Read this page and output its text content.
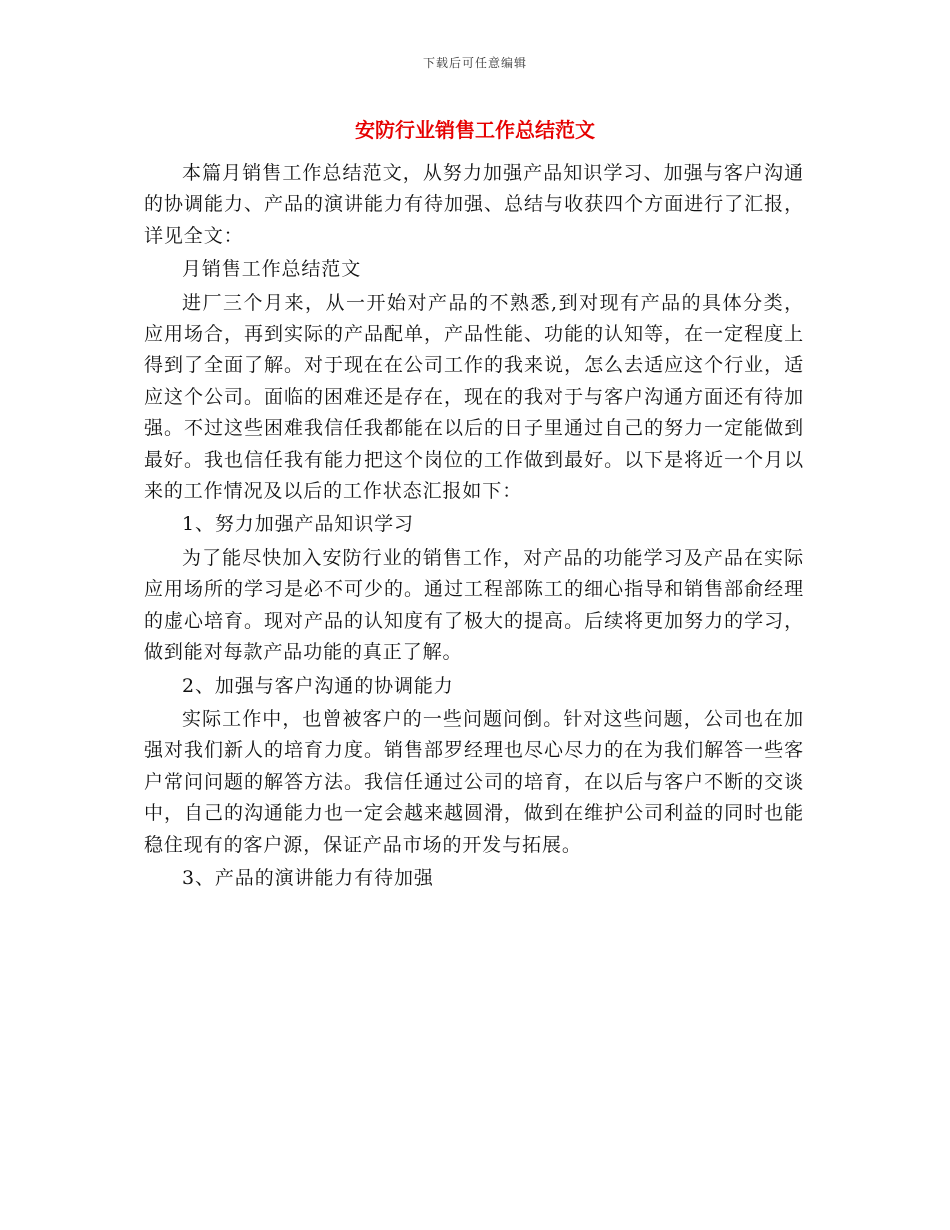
下载后可任意编辑
安防行业销售工作总结范文

本篇月销售工作总结范文，从努力加强产品知识学习、加强与客户沟通的协调能力、产品的演讲能力有待加强、总结与收获四个方面进行了汇报，详见全文：

月销售工作总结范文

进厂三个月来，从一开始对产品的不熟悉,到对现有产品的具体分类，应用场合，再到实际的产品配单，产品性能、功能的认知等，在一定程度上得到了全面了解。对于现在在公司工作的我来说，怎么去适应这个行业，适应这个公司。面临的困难还是存在，现在的我对于与客户沟通方面还有待加强。不过这些困难我信任我都能在以后的日子里通过自己的努力一定能做到最好。我也信任我有能力把这个岗位的工作做到最好。以下是将近一个月以来的工作情况及以后的工作状态汇报如下：

1、努力加强产品知识学习

为了能尽快加入安防行业的销售工作，对产品的功能学习及产品在实际应用场所的学习是必不可少的。通过工程部陈工的细心指导和销售部俞经理的虚心培育。现对产品的认知度有了极大的提高。后续将更加努力的学习，做到能对每款产品功能的真正了解。

2、加强与客户沟通的协调能力

实际工作中，也曾被客户的一些问题问倒。针对这些问题，公司也在加强对我们新人的培育力度。销售部罗经理也尽心尽力的在为我们解答一些客户常问问题的解答方法。我信任通过公司的培育，在以后与客户不断的交谈中，自己的沟通能力也一定会越来越圆滑，做到在维护公司利益的同时也能稳住现有的客户源，保证产品市场的开发与拓展。

3、产品的演讲能力有待加强
